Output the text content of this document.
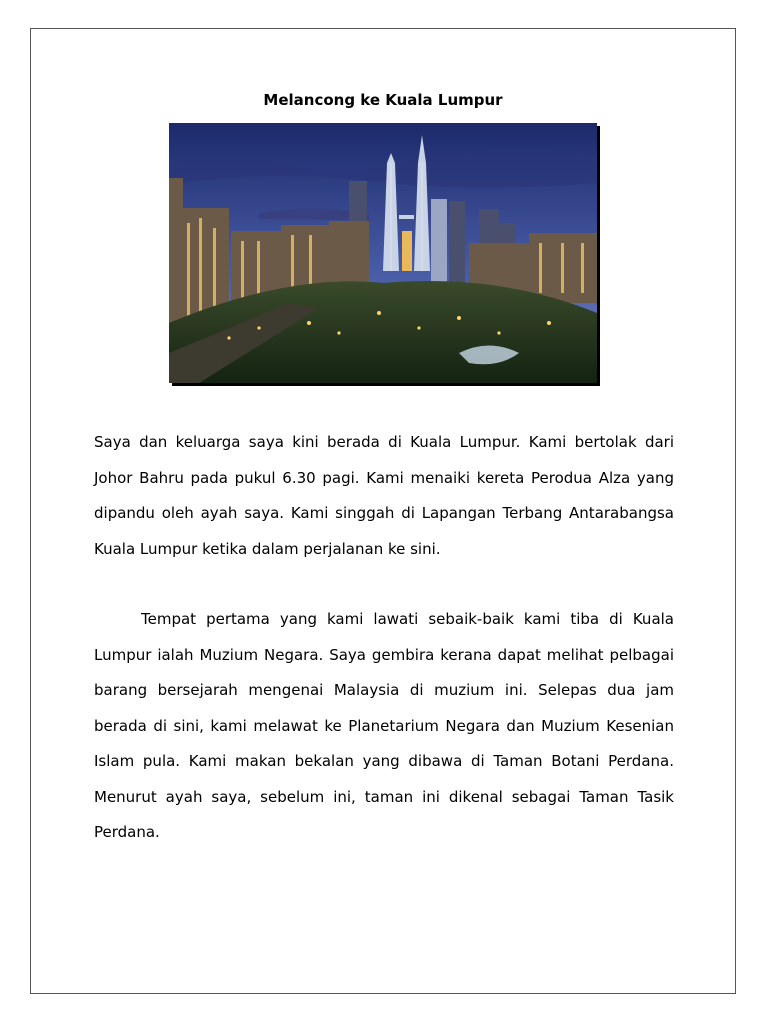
Melancong ke Kuala Lumpur

Saya dan keluarga saya kini berada di Kuala Lumpur. Kami bertolak dari Johor Bahru pada pukul 6.30 pagi. Kami menaiki kereta Perodua Alza yang dipandu oleh ayah saya. Kami singgah di Lapangan Terbang Antarabangsa Kuala Lumpur ketika dalam perjalanan ke sini.

Tempat pertama yang kami lawati sebaik-baik kami tiba di Kuala Lumpur ialah Muzium Negara. Saya gembira kerana dapat melihat pelbagai barang bersejarah mengenai Malaysia di muzium ini. Selepas dua jam berada di sini, kami melawat ke Planetarium Negara dan Muzium Kesenian Islam pula. Kami makan bekalan yang dibawa di Taman Botani Perdana. Menurut ayah saya, sebelum ini, taman ini dikenal sebagai Taman Tasik Perdana.
